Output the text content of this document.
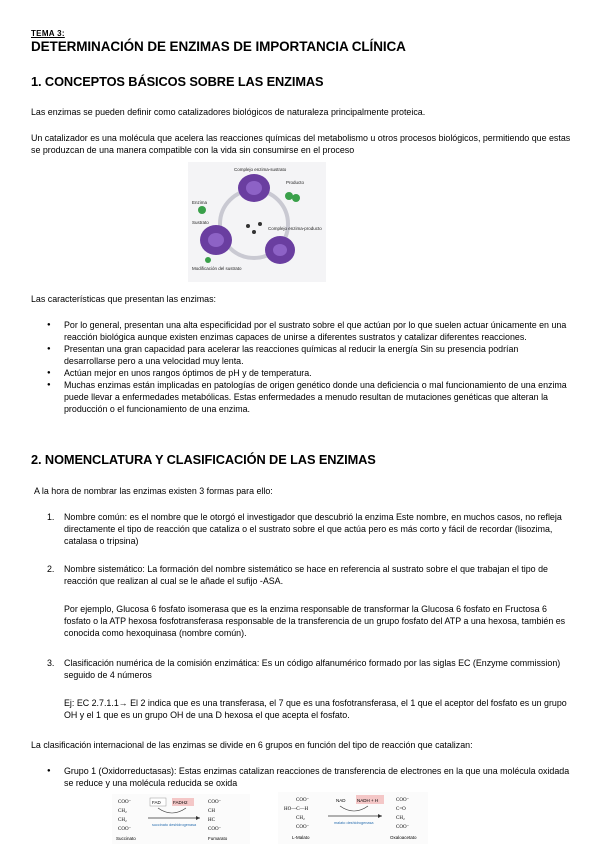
TEMA 3:
DETERMINACIÓN DE ENZIMAS DE IMPORTANCIA CLÍNICA
1. CONCEPTOS BÁSICOS SOBRE LAS ENZIMAS
Las enzimas se pueden definir como catalizadores biológicos de naturaleza principalmente proteica.
Un catalizador es una molécula que acelera las reacciones químicas del metabolismo u otros procesos biológicos, permitiendo que estas se produzcan de una manera compatible con la vida sin consumirse en el proceso
Complejo enzima-sustrato
Producto
Enzima
Sustrato
Complejo enzima-producto
Modificación del sustrato
Las características que presentan las enzimas:
● Por lo general, presentan una alta especificidad por el sustrato sobre el que actúan por lo que suelen actuar únicamente en una reacción biológica aunque existen enzimas capaces de unirse a diferentes sustratos y catalizar diferentes reacciones.
● Presentan una gran capacidad para acelerar las reacciones químicas al reducir la energía Sin su presencia podrían desarrollarse pero a una velocidad muy lenta.
● Actúan mejor en unos rangos óptimos de pH y de temperatura.
● Muchas enzimas están implicadas en patologías de origen genético donde una deficiencia o mal funcionamiento de una enzima puede llevar a enfermedades metabólicas. Estas enfermedades a menudo resultan de mutaciones genéticas que alteran la producción o el funcionamiento de una enzima.
2. NOMENCLATURA Y CLASIFICACIÓN DE LAS ENZIMAS
A la hora de nombrar las enzimas existen 3 formas para ello:
1. Nombre común: es el nombre que le otorgó el investigador que descubrió la enzima Este nombre, en muchos casos, no refleja directamente el tipo de reacción que cataliza o el sustrato sobre el que actúa pero es más corto y fácil de recordar (lisozima, catalasa o tripsina)
2. Nombre sistemático: La formación del nombre sistemático se hace en referencia al sustrato sobre el que trabajan el tipo de reacción que realizan al cual se le añade el sufijo -ASA.
Por ejemplo, Glucosa 6 fosfato isomerasa que es la enzima responsable de transformar la Glucosa 6 fosfato en Fructosa 6 fosfato o la ATP hexosa fosfotransferasa responsable de la transferencia de un grupo fosfato del ATP a una hexosa, también es conocida como hexoquinasa (nombre común).
3. Clasificación numérica de la comisión enzimática: Es un código alfanumérico formado por las siglas EC (Enzyme commission) seguido de 4 números
Ej: EC 2.7.1.1→ El 2 indica que es una transferasa, el 7 que es una fosfotransferasa, el 1 que el aceptor del fosfato es un grupo OH y el 1 que es un grupo OH de una D hexosa el que acepta el fosfato.
La clasificación internacional de las enzimas se divide en 6 grupos en función del tipo de reacción que catalizan:
● Grupo 1 (Oxidorreductasas): Estas enzimas catalizan reacciones de transferencia de electrones en la que una molécula oxidada se reduce y una molécula reducida se oxida
COO⁻
CH₂
CH₂
COO⁻
Succinato
FAD	FADH2
succinato deshidrogenasa
COO⁻
CH
HC
COO⁻
Fumarato
COO⁻
HO—C—H
CH₂
COO⁻
L-Malato
NAD	NADH + H
malato deshidrogenasa
COO⁻
C=O
CH₂
COO⁻
Oxaloacetato
